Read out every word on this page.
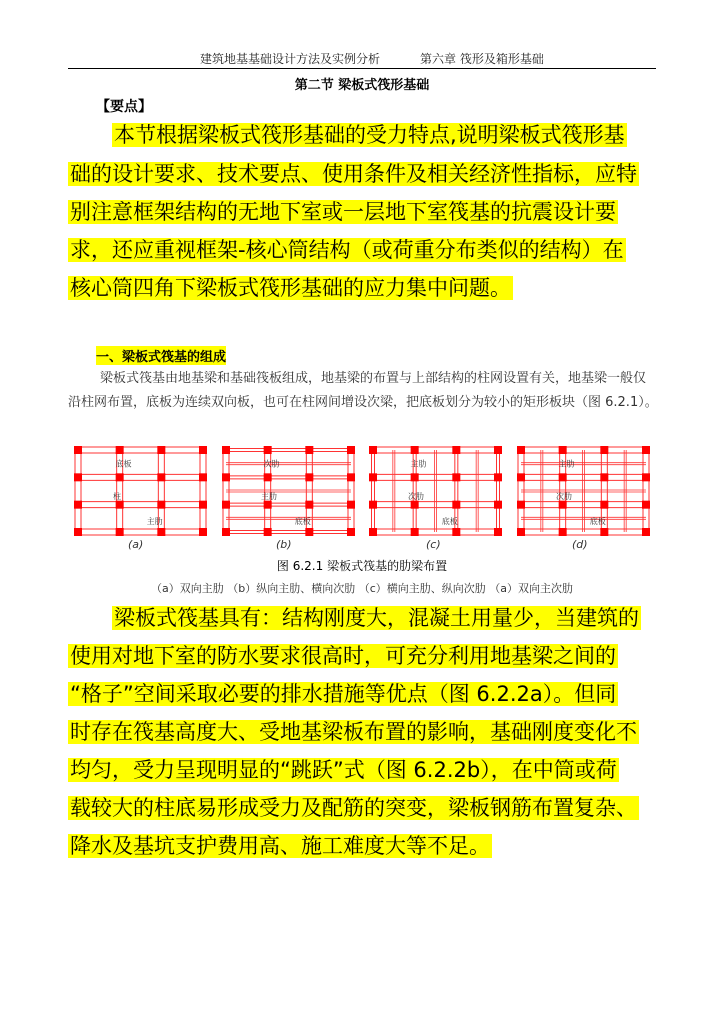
建筑地基基础设计方法及实例分析	第六章 筏形及箱形基础
第二节 梁板式筏形基础
【要点】
本节根据梁板式筏形基础的受力特点,说明梁板式筏形基
础的设计要求、技术要点、使用条件及相关经济性指标，应特
别注意框架结构的无地下室或一层地下室筏基的抗震设计要
求，还应重视框架-核心筒结构（或荷重分布类似的结构）在
核心筒四角下梁板式筏形基础的应力集中问题。
一、梁板式筏基的组成
梁板式筏基由地基梁和基础筏板组成，地基梁的布置与上部结构的柱网设置有关，地基梁一般仅沿柱网布置，底板为连续双向板，也可在柱网间增设次梁，把底板划分为较小的矩形板块（图 6.2.1）。
底板
柱
主肋
次肋
主肋
底板
主肋
次肋
底板
主肋
次肋
底板
(a)	(b)	(c)	(d)
图 6.2.1 梁板式筏基的肋梁布置
（a）双向主肋 （b）纵向主肋、横向次肋 （c）横向主肋、纵向次肋 （a）双向主次肋
梁板式筏基具有：结构刚度大，混凝土用量少，当建筑的
使用对地下室的防水要求很高时，可充分利用地基梁之间的
“格子”空间采取必要的排水措施等优点（图 6.2.2a）。但同
时存在筏基高度大、受地基梁板布置的影响，基础刚度变化不
均匀，受力呈现明显的“跳跃”式（图 6.2.2b），在中筒或荷
载较大的柱底易形成受力及配筋的突变，梁板钢筋布置复杂、
降水及基坑支护费用高、施工难度大等不足。
